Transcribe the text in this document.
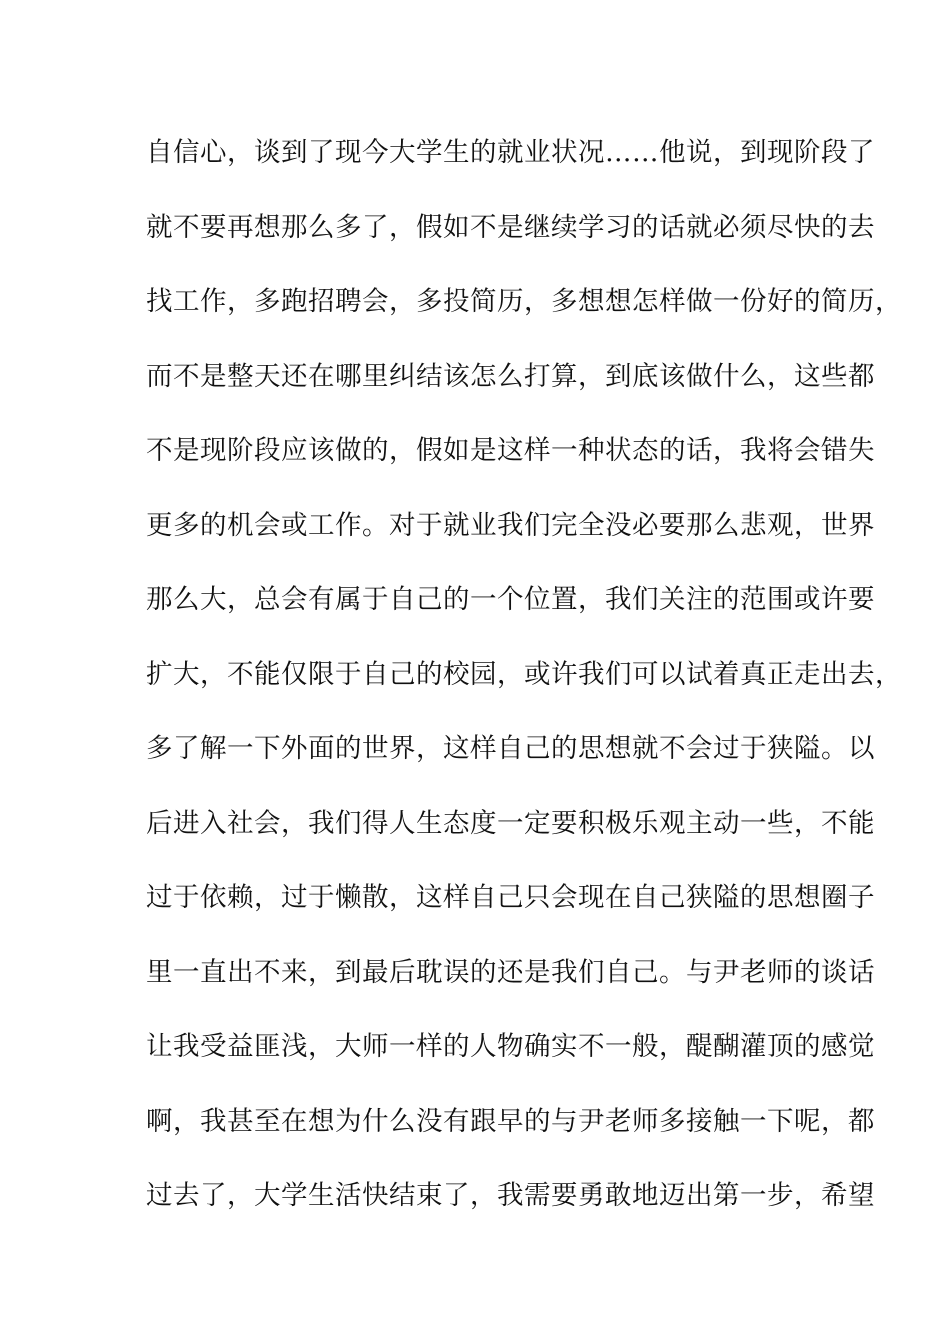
自信心，谈到了现今大学生的就业状况……他说，到现阶段了
就不要再想那么多了，假如不是继续学习的话就必须尽快的去
找工作，多跑招聘会，多投简历，多想想怎样做一份好的简历，
而不是整天还在哪里纠结该怎么打算，到底该做什么，这些都
不是现阶段应该做的，假如是这样一种状态的话，我将会错失
更多的机会或工作。对于就业我们完全没必要那么悲观，世界
那么大，总会有属于自己的一个位置，我们关注的范围或许要
扩大，不能仅限于自己的校园，或许我们可以试着真正走出去，
多了解一下外面的世界，这样自己的思想就不会过于狭隘。以
后进入社会，我们得人生态度一定要积极乐观主动一些，不能
过于依赖，过于懒散，这样自己只会现在自己狭隘的思想圈子
里一直出不来，到最后耽误的还是我们自己。与尹老师的谈话
让我受益匪浅，大师一样的人物确实不一般，醍醐灌顶的感觉
啊，我甚至在想为什么没有跟早的与尹老师多接触一下呢，都
过去了，大学生活快结束了，我需要勇敢地迈出第一步，希望
